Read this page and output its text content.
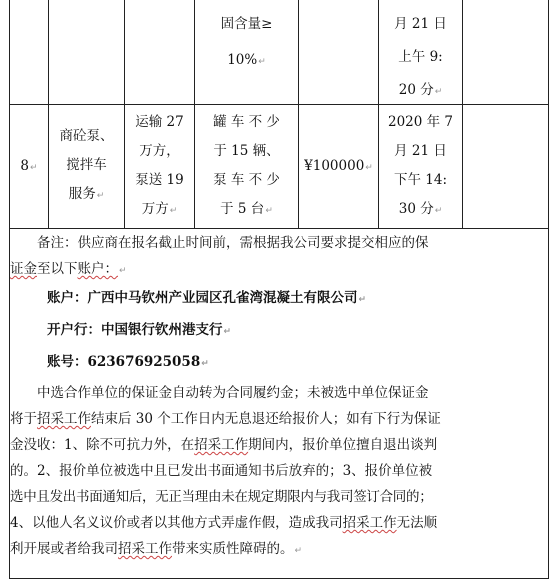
固含量≥
10%↵
月 21 日
上午 9:
20 分↵
8↵
商砼泵、
搅拌车
服务↵
运输 27
万方，
泵送 19
万方↵
罐 车 不 少
于 15 辆、
泵 车 不 少
于 5 台↵
¥100000↵
2020 年 7
月 21 日
下午 14:
30 分↵
备注：供应商在报名截止时间前，需根据我公司要求提交相应的保
证金至以下账户：↵
账户：广西中马钦州产业园区孔雀湾混凝土有限公司↵
开户行：中国银行钦州港支行↵
账号：623676925058↵
中选合作单位的保证金自动转为合同履约金；未被选中单位保证金
将于招采工作结束后 30 个工作日内无息退还给报价人；如有下行为保证
金没收：1、除不可抗力外，在招采工作期间内，报价单位擅自退出谈判
的。2、报价单位被选中且已发出书面通知书后放弃的；3、报价单位被
选中且发出书面通知后，无正当理由未在规定期限内与我司签订合同的；
4、以他人名义议价或者以其他方式弄虚作假，造成我司招采工作无法顺
利开展或者给我司招采工作带来实质性障碍的。↵
